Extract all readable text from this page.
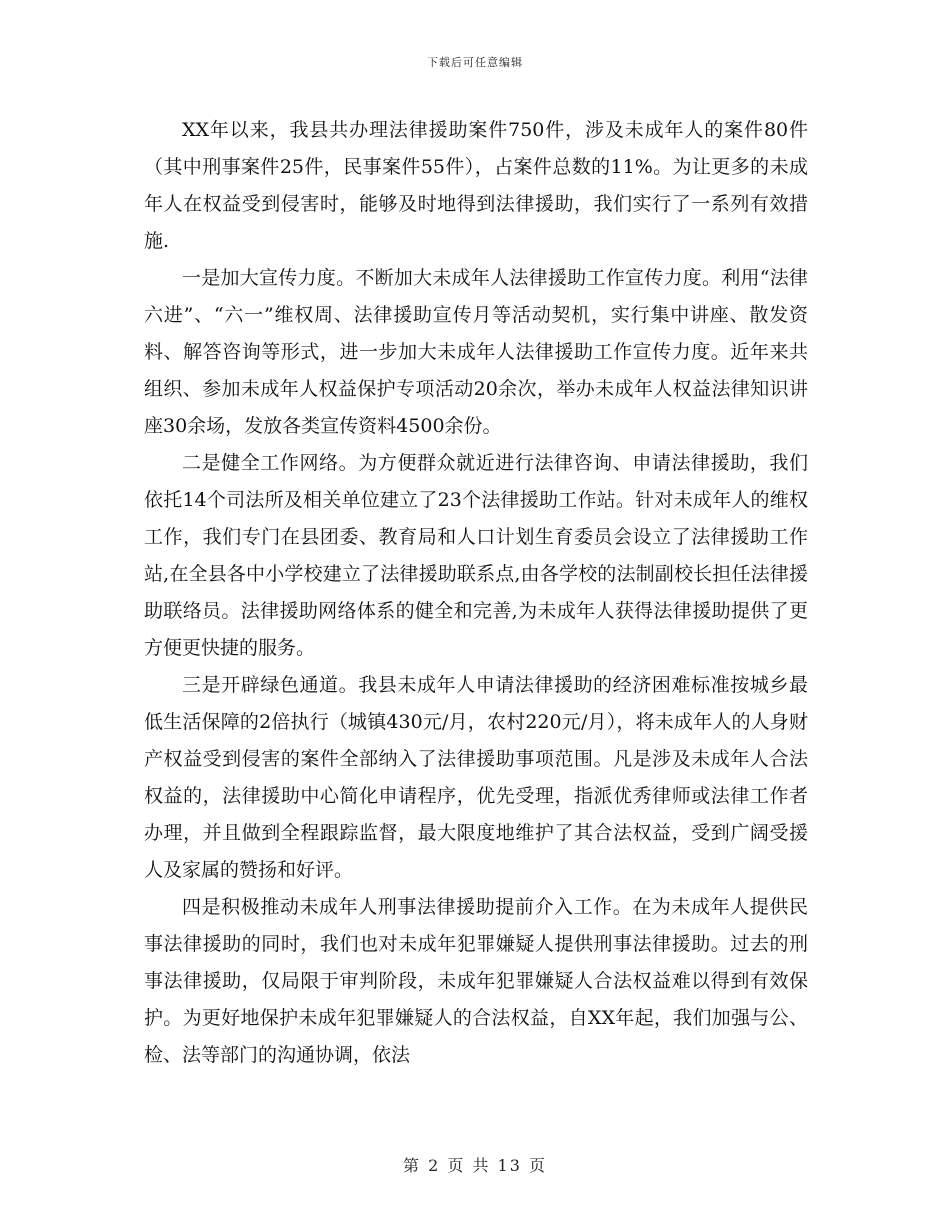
下载后可任意编辑

XX年以来，我县共办理法律援助案件750件，涉及未成年人的案件80件（其中刑事案件25件，民事案件55件），占案件总数的11%。为让更多的未成年人在权益受到侵害时，能够及时地得到法律援助，我们实行了一系列有效措施.

一是加大宣传力度。不断加大未成年人法律援助工作宣传力度。利用“法律六进”、“六一”维权周、法律援助宣传月等活动契机，实行集中讲座、散发资料、解答咨询等形式，进一步加大未成年人法律援助工作宣传力度。近年来共组织、参加未成年人权益保护专项活动20余次，举办未成年人权益法律知识讲座30余场，发放各类宣传资料4500余份。

二是健全工作网络。为方便群众就近进行法律咨询、申请法律援助，我们依托14个司法所及相关单位建立了23个法律援助工作站。针对未成年人的维权工作，我们专门在县团委、教育局和人口计划生育委员会设立了法律援助工作站,在全县各中小学校建立了法律援助联系点,由各学校的法制副校长担任法律援助联络员。法律援助网络体系的健全和完善,为未成年人获得法律援助提供了更方便更快捷的服务。

三是开辟绿色通道。我县未成年人申请法律援助的经济困难标准按城乡最低生活保障的2倍执行（城镇430元/月，农村220元/月），将未成年人的人身财产权益受到侵害的案件全部纳入了法律援助事项范围。凡是涉及未成年人合法权益的，法律援助中心简化申请程序，优先受理，指派优秀律师或法律工作者办理，并且做到全程跟踪监督，最大限度地维护了其合法权益，受到广阔受援人及家属的赞扬和好评。

四是积极推动未成年人刑事法律援助提前介入工作。在为未成年人提供民事法律援助的同时，我们也对未成年犯罪嫌疑人提供刑事法律援助。过去的刑事法律援助，仅局限于审判阶段，未成年犯罪嫌疑人合法权益难以得到有效保护。为更好地保护未成年犯罪嫌疑人的合法权益，自XX年起，我们加强与公、检、法等部门的沟通协调，依法

第 2 页 共 13 页
